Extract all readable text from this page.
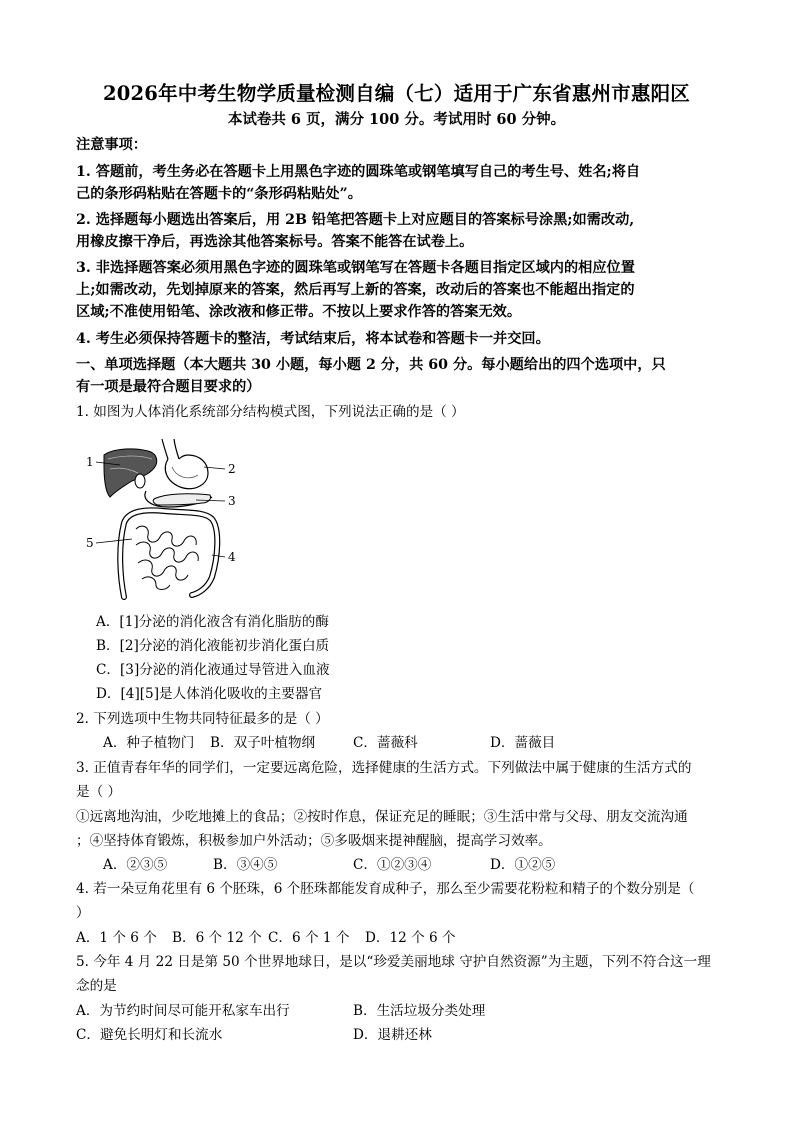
2026年中考生物学质量检测自编（七）适用于广东省惠州市惠阳区
本试卷共 6 页，满分 100 分。考试用时 60 分钟。
注意事项：
1. 答题前，考生务必在答题卡上用黑色字迹的圆珠笔或钢笔填写自己的考生号、姓名;将自
己的条形码粘贴在答题卡的“条形码粘贴处”。
2. 选择题每小题选出答案后，用 2B 铅笔把答题卡上对应题目的答案标号涂黑;如需改动,
用橡皮擦干净后，再选涂其他答案标号。答案不能答在试卷上。
3. 非选择题答案必须用黑色字迹的圆珠笔或钢笔写在答题卡各题目指定区域内的相应位置
上;如需改动，先划掉原来的答案，然后再写上新的答案，改动后的答案也不能超出指定的
区域;不准使用铅笔、涂改液和修正带。不按以上要求作答的答案无效。
4. 考生必须保持答题卡的整洁，考试结束后，将本试卷和答题卡一并交回。
一、单项选择题（本大题共 30 小题，每小题 2 分，共 60 分。每小题给出的四个选项中，只
有一项是最符合题目要求的）
1. 如图为人体消化系统部分结构模式图，下列说法正确的是（ ）
1	2
3
4
5
A．[1]分泌的消化液含有消化脂肪的酶
B．[2]分泌的消化液能初步消化蛋白质
C．[3]分泌的消化液通过导管进入血液
D．[4][5]是人体消化吸收的主要器官
2. 下列选项中生物共同特征最多的是（ ）
A．种子植物门 B．双子叶植物纲	C．蔷薇科	D．蔷薇目
3. 正值青春年华的同学们，一定要远离危险，选择健康的生活方式。下列做法中属于健康的生活方式的
是（ ）
①远离地沟油，少吃地摊上的食品；②按时作息，保证充足的睡眠；③生活中常与父母、朋友交流沟通
；④坚持体育锻炼，积极参加户外活动；⑤多吸烟来提神醒脑，提高学习效率。
A．②③⑤	B．③④⑤	C．①②③④	D．①②⑤
4. 若一朵豆角花里有 6 个胚珠，6 个胚珠都能发育成种子，那么至少需要花粉粒和精子的个数分别是（
）
A．1 个 6 个 B．6 个 12 个 C．6 个 1 个 D．12 个 6 个
5. 今年 4 月 22 日是第 50 个世界地球日，是以“珍爱美丽地球 守护自然资源”为主题，下列不符合这一理
念的是
A．为节约时间尽可能开私家车出行	B．生活垃圾分类处理
C．避免长明灯和长流水	D．退耕还林
